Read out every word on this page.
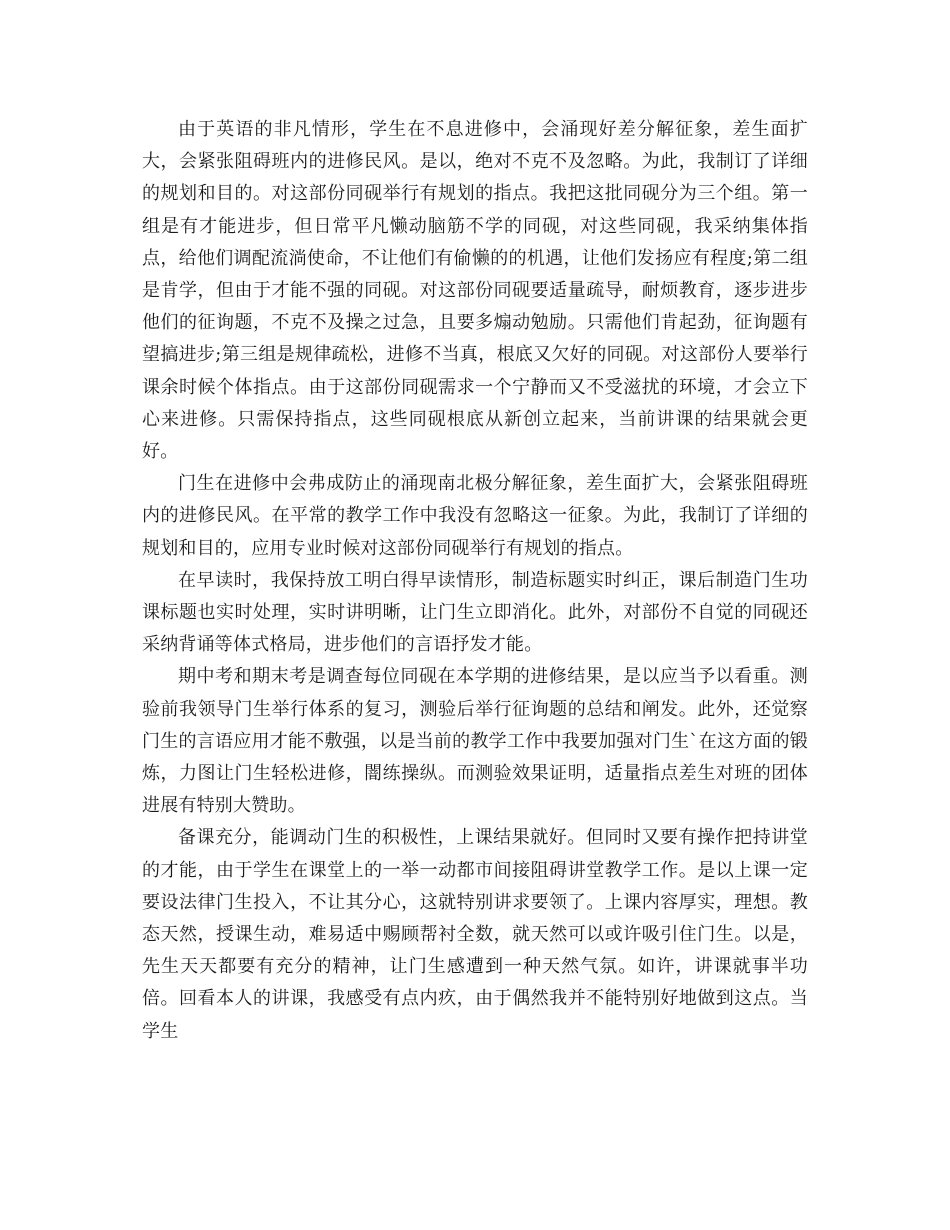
由于英语的非凡情形，学生在不息进修中，会涌现好差分解征象，差生面扩大，会紧张阻碍班内的进修民风。是以，绝对不克不及忽略。为此，我制订了详细的规划和目的。对这部份同砚举行有规划的指点。我把这批同砚分为三个组。第一组是有才能进步，但日常平凡懒动脑筋不学的同砚，对这些同砚，我采纳集体指点，给他们调配流淌使命，不让他们有偷懒的的机遇，让他们发扬应有程度;第二组是肯学，但由于才能不强的同砚。对这部份同砚要适量疏导，耐烦教育，逐步进步他们的征询题，不克不及操之过急，且要多煽动勉励。只需他们肯起劲，征询题有望搞进步;第三组是规律疏松，进修不当真，根底又欠好的同砚。对这部份人要举行课余时候个体指点。由于这部份同砚需求一个宁静而又不受滋扰的环境，才会立下心来进修。只需保持指点，这些同砚根底从新创立起来，当前讲课的结果就会更好。

门生在进修中会弗成防止的涌现南北极分解征象，差生面扩大，会紧张阻碍班内的进修民风。在平常的教学工作中我没有忽略这一征象。为此，我制订了详细的规划和目的，应用专业时候对这部份同砚举行有规划的指点。

在早读时，我保持放工明白得早读情形，制造标题实时纠正，课后制造门生功课标题也实时处理，实时讲明晰，让门生立即消化。此外，对部份不自觉的同砚还采纳背诵等体式格局，进步他们的言语抒发才能。

期中考和期末考是调查每位同砚在本学期的进修结果，是以应当予以看重。测验前我领导门生举行体系的复习，测验后举行征询题的总结和阐发。此外，还觉察门生的言语应用才能不敷强，以是当前的教学工作中我要加强对门生`在这方面的锻炼，力图让门生轻松进修，闇练操纵。而测验效果证明，适量指点差生对班的团体进展有特别大赞助。

备课充分，能调动门生的积极性，上课结果就好。但同时又要有操作把持讲堂的才能，由于学生在课堂上的一举一动都市间接阻碍讲堂教学工作。是以上课一定要设法律门生投入，不让其分心，这就特别讲求要领了。上课内容厚实，理想。教态天然，授课生动，难易适中赐顾帮衬全数，就天然可以或许吸引住门生。以是，先生天天都要有充分的精神，让门生感遭到一种天然气氛。如许，讲课就事半功倍。回看本人的讲课，我感受有点内疚，由于偶然我并不能特别好地做到这点。当学生
